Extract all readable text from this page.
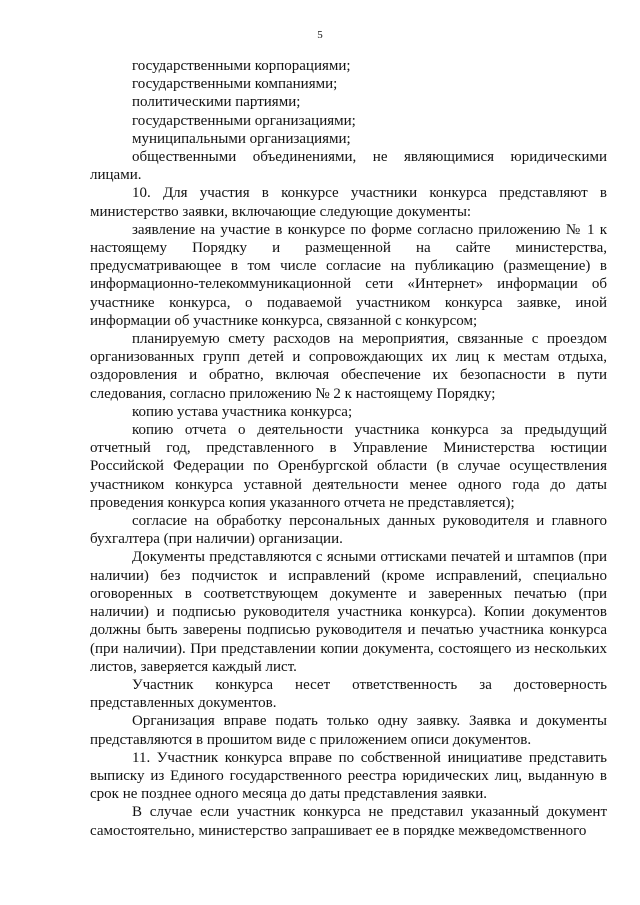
5

государственными корпорациями;

государственными компаниями;

политическими партиями;

государственными организациями;

муниципальными организациями;

общественными объединениями, не являющимися юридическими лицами.

10. Для участия в конкурсе участники конкурса представляют в министерство заявки, включающие следующие документы:

заявление на участие в конкурсе по форме согласно приложению № 1 к настоящему Порядку и размещенной на сайте министерства, предусматривающее в том числе согласие на публикацию (размещение) в информационно-телекоммуникационной сети «Интернет» информации об участнике конкурса, о подаваемой участником конкурса заявке, иной информации об участнике конкурса, связанной с конкурсом;

планируемую смету расходов на мероприятия, связанные с проездом организованных групп детей и сопровождающих их лиц к местам отдыха, оздоровления и обратно, включая обеспечение их безопасности в пути следования, согласно приложению № 2 к настоящему Порядку;

копию устава участника конкурса;

копию отчета о деятельности участника конкурса за предыдущий отчетный год, представленного в Управление Министерства юстиции Российской Федерации по Оренбургской области (в случае осуществления участником конкурса уставной деятельности менее одного года до даты проведения конкурса копия указанного отчета не представляется);

согласие на обработку персональных данных руководителя и главного бухгалтера (при наличии) организации.

Документы представляются с ясными оттисками печатей и штампов (при наличии) без подчисток и исправлений (кроме исправлений, специально оговоренных в соответствующем документе и заверенных печатью (при наличии) и подписью руководителя участника конкурса). Копии документов должны быть заверены подписью руководителя и печатью участника конкурса (при наличии). При представлении копии документа, состоящего из нескольких листов, заверяется каждый лист.

Участник конкурса несет ответственность за достоверность представленных документов.

Организация вправе подать только одну заявку. Заявка и документы представляются в прошитом виде с приложением описи документов.

11. Участник конкурса вправе по собственной инициативе представить выписку из Единого государственного реестра юридических лиц, выданную в срок не позднее одного месяца до даты представления заявки.

В случае если участник конкурса не представил указанный документ самостоятельно, министерство запрашивает ее в порядке межведомственного
